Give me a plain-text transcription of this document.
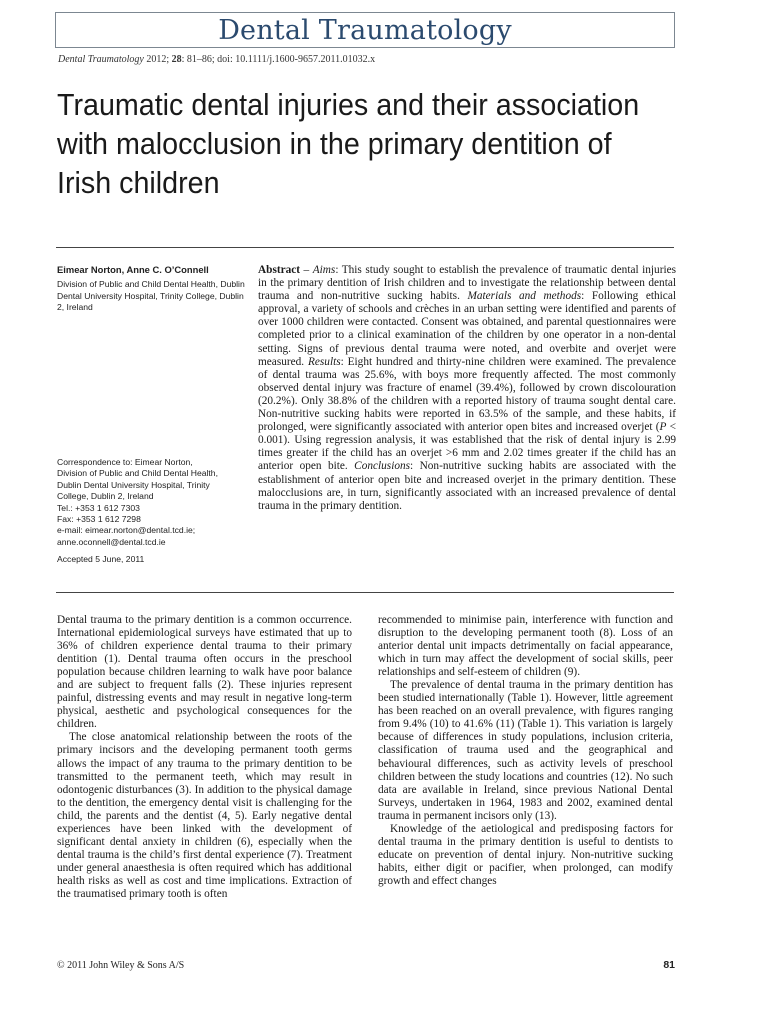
Dental Traumatology
Dental Traumatology 2012; 28: 81–86; doi: 10.1111/j.1600-9657.2011.01032.x
Traumatic dental injuries and their association with malocclusion in the primary dentition of Irish children
Eimear Norton, Anne C. O’Connell
Division of Public and Child Dental Health, Dublin Dental University Hospital, Trinity College, Dublin 2, Ireland
Correspondence to: Eimear Norton,
Division of Public and Child Dental Health,
Dublin Dental University Hospital, Trinity
College, Dublin 2, Ireland
Tel.: +353 1 612 7303
Fax: +353 1 612 7298
e-mail: eimear.norton@dental.tcd.ie;
anne.oconnell@dental.tcd.ie
Accepted 5 June, 2011
Abstract – Aims: This study sought to establish the prevalence of traumatic dental injuries in the primary dentition of Irish children and to investigate the relationship between dental trauma and non-nutritive sucking habits. Materials and methods: Following ethical approval, a variety of schools and crèches in an urban setting were identified and parents of over 1000 children were contacted. Consent was obtained, and parental questionnaires were completed prior to a clinical examination of the children by one operator in a non-dental setting. Signs of previous dental trauma were noted, and overbite and overjet were measured. Results: Eight hundred and thirty-nine children were examined. The prevalence of dental trauma was 25.6%, with boys more frequently affected. The most commonly observed dental injury was fracture of enamel (39.4%), followed by crown discolouration (20.2%). Only 38.8% of the children with a reported history of trauma sought dental care. Non-nutritive sucking habits were reported in 63.5% of the sample, and these habits, if prolonged, were significantly associated with anterior open bites and increased overjet (P < 0.001). Using regression analysis, it was established that the risk of dental injury is 2.99 times greater if the child has an overjet >6 mm and 2.02 times greater if the child has an anterior open bite. Conclusions: Non-nutritive sucking habits are associated with the establishment of anterior open bite and increased overjet in the primary dentition. These malocclusions are, in turn, significantly associated with an increased prevalence of dental trauma in the primary dentition.

Dental trauma to the primary dentition is a common occurrence. International epidemiological surveys have estimated that up to 36% of children experience dental trauma to their primary dentition (1). Dental trauma often occurs in the preschool population because children learning to walk have poor balance and are subject to frequent falls (2). These injuries represent painful, distressing events and may result in negative long-term physical, aesthetic and psychological consequences for the children.

The close anatomical relationship between the roots of the primary incisors and the developing permanent tooth germs allows the impact of any trauma to the primary dentition to be transmitted to the permanent teeth, which may result in odontogenic disturbances (3). In addition to the physical damage to the dentition, the emergency dental visit is challenging for the child, the parents and the dentist (4, 5). Early negative dental experiences have been linked with the development of significant dental anxiety in children (6), especially when the dental trauma is the child’s first dental experience (7). Treatment under general anaesthesia is often required which has additional health risks as well as cost and time implications. Extraction of the traumatised primary tooth is often

recommended to minimise pain, interference with function and disruption to the developing permanent tooth (8). Loss of an anterior dental unit impacts detrimentally on facial appearance, which in turn may affect the development of social skills, peer relationships and self-esteem of children (9).

The prevalence of dental trauma in the primary dentition has been studied internationally (Table 1). However, little agreement has been reached on an overall prevalence, with figures ranging from 9.4% (10) to 41.6% (11) (Table 1). This variation is largely because of differences in study populations, inclusion criteria, classification of trauma used and the geographical and behavioural differences, such as activity levels of preschool children between the study locations and countries (12). No such data are available in Ireland, since previous National Dental Surveys, undertaken in 1964, 1983 and 2002, examined dental trauma in permanent incisors only (13).

Knowledge of the aetiological and predisposing factors for dental trauma in the primary dentition is useful to dentists to educate on prevention of dental injury. Non-nutritive sucking habits, either digit or pacifier, when prolonged, can modify growth and effect changes

© 2011 John Wiley & Sons A/S	81
